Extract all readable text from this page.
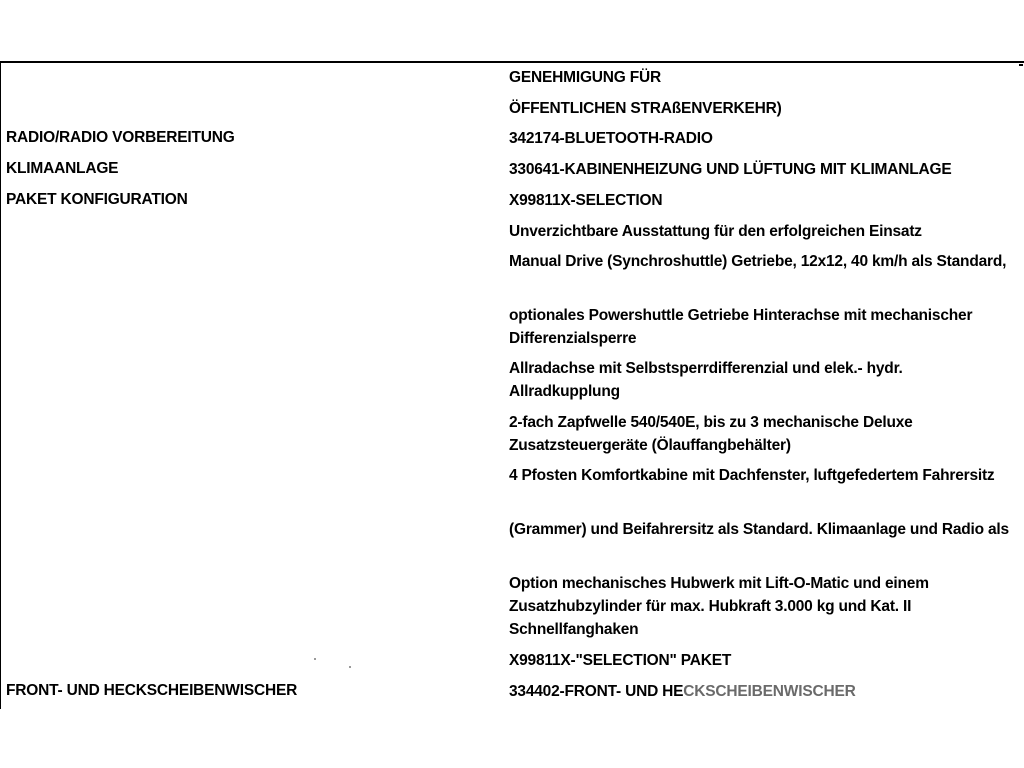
GENEHMIGUNG FÜR
ÖFFENTLICHEN STRAßENVERKEHR)
RADIO/RADIO VORBEREITUNG	342174-BLUETOOTH-RADIO
KLIMAANLAGE	330641-KABINENHEIZUNG UND LÜFTUNG MIT KLIMANLAGE
PAKET KONFIGURATION	X99811X-SELECTION
Unverzichtbare Ausstattung für den erfolgreichen Einsatz
Manual Drive (Synchroshuttle) Getriebe, 12x12, 40 km/h als Standard,
optionales Powershuttle Getriebe Hinterachse mit mechanischer Differenzialsperre
Allradachse mit Selbstsperrdifferenzial und elek.- hydr. Allradkupplung
2-fach Zapfwelle 540/540E, bis zu 3 mechanische Deluxe Zusatzsteuergeräte (Ölauffangbehälter)
4 Pfosten Komfortkabine mit Dachfenster, luftgefedertem Fahrersitz
(Grammer) und Beifahrersitz als Standard. Klimaanlage und Radio als
Option mechanisches Hubwerk mit Lift-O-Matic und einem Zusatzhubzylinder für max. Hubkraft 3.000 kg und Kat. II Schnellfanghaken
X99811X-"SELECTION" PAKET
FRONT- UND HECKSCHEIBENWISCHER	334402-FRONT- UND HECKSCHEIBENWISCHER
